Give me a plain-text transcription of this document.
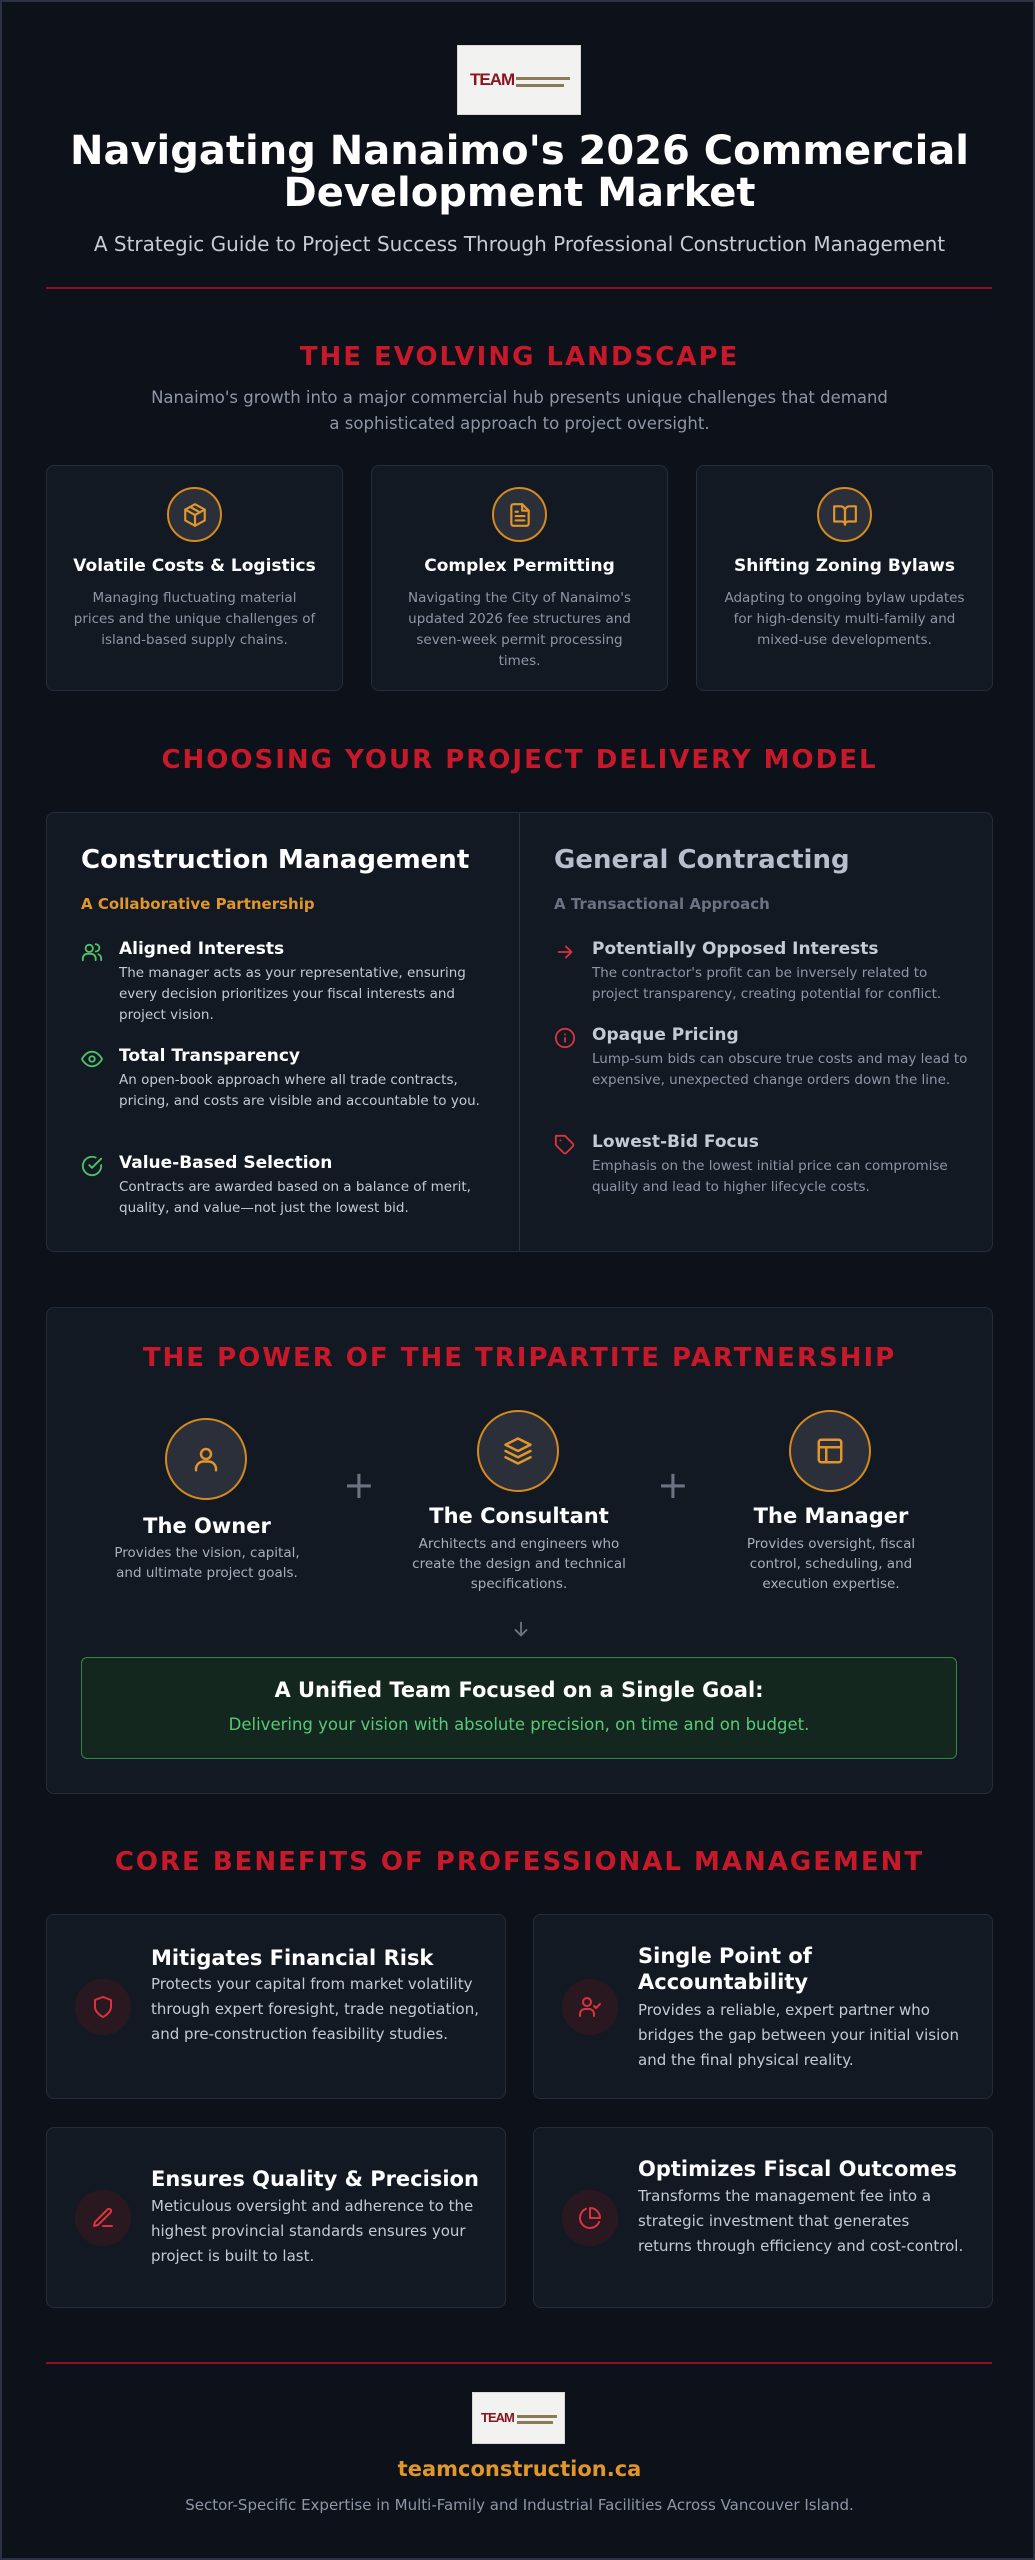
TEAM
Navigating Nanaimo's 2026 Commercial
Development Market
A Strategic Guide to Project Success Through Professional Construction Management
THE EVOLVING LANDSCAPE
Nanaimo's growth into a major commercial hub presents unique challenges that demand
a sophisticated approach to project oversight.
Volatile Costs & Logistics
Managing fluctuating material prices and the unique challenges of island-based supply chains.
Complex Permitting
Navigating the City of Nanaimo's updated 2026 fee structures and seven-week permit processing times.
Shifting Zoning Bylaws
Adapting to ongoing bylaw updates for high-density multi-family and mixed-use developments.
CHOOSING YOUR PROJECT DELIVERY MODEL
Construction Management
A Collaborative Partnership
Aligned Interests
The manager acts as your representative, ensuring every decision prioritizes your fiscal interests and project vision.
Total Transparency
An open-book approach where all trade contracts, pricing, and costs are visible and accountable to you.
Value-Based Selection
Contracts are awarded based on a balance of merit, quality, and value—not just the lowest bid.
General Contracting
A Transactional Approach
Potentially Opposed Interests
The contractor's profit can be inversely related to project transparency, creating potential for conflict.
Opaque Pricing
Lump-sum bids can obscure true costs and may lead to expensive, unexpected change orders down the line.
Lowest-Bid Focus
Emphasis on the lowest initial price can compromise quality and lead to higher lifecycle costs.
THE POWER OF THE TRIPARTITE PARTNERSHIP
The Owner
Provides the vision, capital,
and ultimate project goals.
+
The Consultant
Architects and engineers who
create the design and technical
specifications.
+
The Manager
Provides oversight, fiscal
control, scheduling, and
execution expertise.
A Unified Team Focused on a Single Goal:
Delivering your vision with absolute precision, on time and on budget.
CORE BENEFITS OF PROFESSIONAL MANAGEMENT
Mitigates Financial Risk
Protects your capital from market volatility through expert foresight, trade negotiation, and pre-construction feasibility studies.
Single Point of
Accountability
Provides a reliable, expert partner who bridges the gap between your initial vision and the final physical reality.
Ensures Quality & Precision
Meticulous oversight and adherence to the highest provincial standards ensures your project is built to last.
Optimizes Fiscal Outcomes
Transforms the management fee into a strategic investment that generates returns through efficiency and cost-control.
TEAM
teamconstruction.ca
Sector-Specific Expertise in Multi-Family and Industrial Facilities Across Vancouver Island.
